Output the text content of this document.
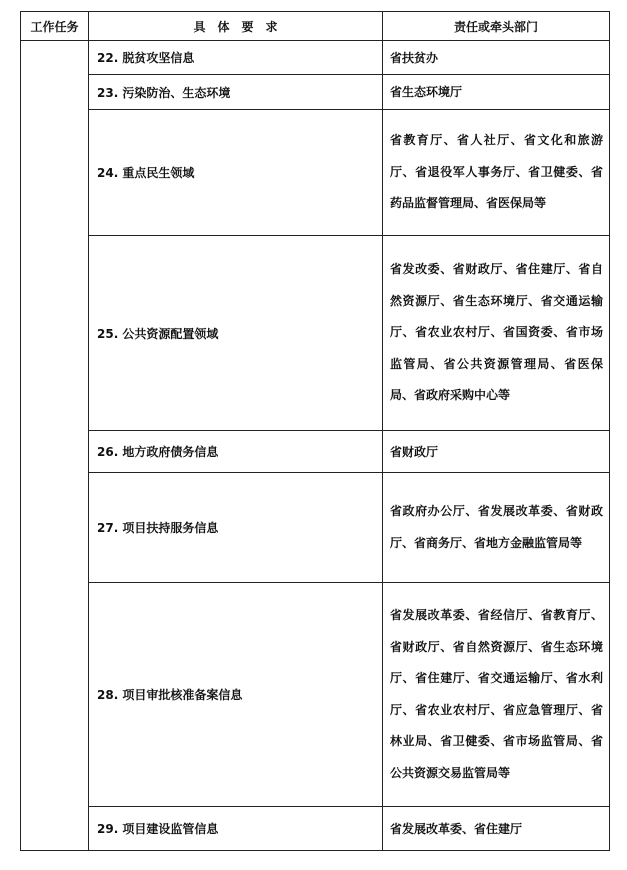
工作任务	具　体　要　求	责任或牵头部门
	22. 脱贫攻坚信息	省扶贫办
	23. 污染防治、生态环境	省生态环境厅
	24. 重点民生领域	省教育厅、省人社厅、省文化和旅游厅、省退役军人事务厅、省卫健委、省药品监督管理局、省医保局等
	25. 公共资源配置领域	省发改委、省财政厅、省住建厅、省自然资源厅、省生态环境厅、省交通运输厅、省农业农村厅、省国资委、省市场监管局、省公共资源管理局、省医保局、省政府采购中心等
	26. 地方政府债务信息	省财政厅
	27. 项目扶持服务信息	省政府办公厅、省发展改革委、省财政厅、省商务厅、省地方金融监管局等
	28. 项目审批核准备案信息	省发展改革委、省经信厅、省教育厅、省财政厅、省自然资源厅、省生态环境厅、省住建厅、省交通运输厅、省水利厅、省农业农村厅、省应急管理厅、省林业局、省卫健委、省市场监管局、省公共资源交易监管局等
	29. 项目建设监管信息	省发展改革委、省住建厅
